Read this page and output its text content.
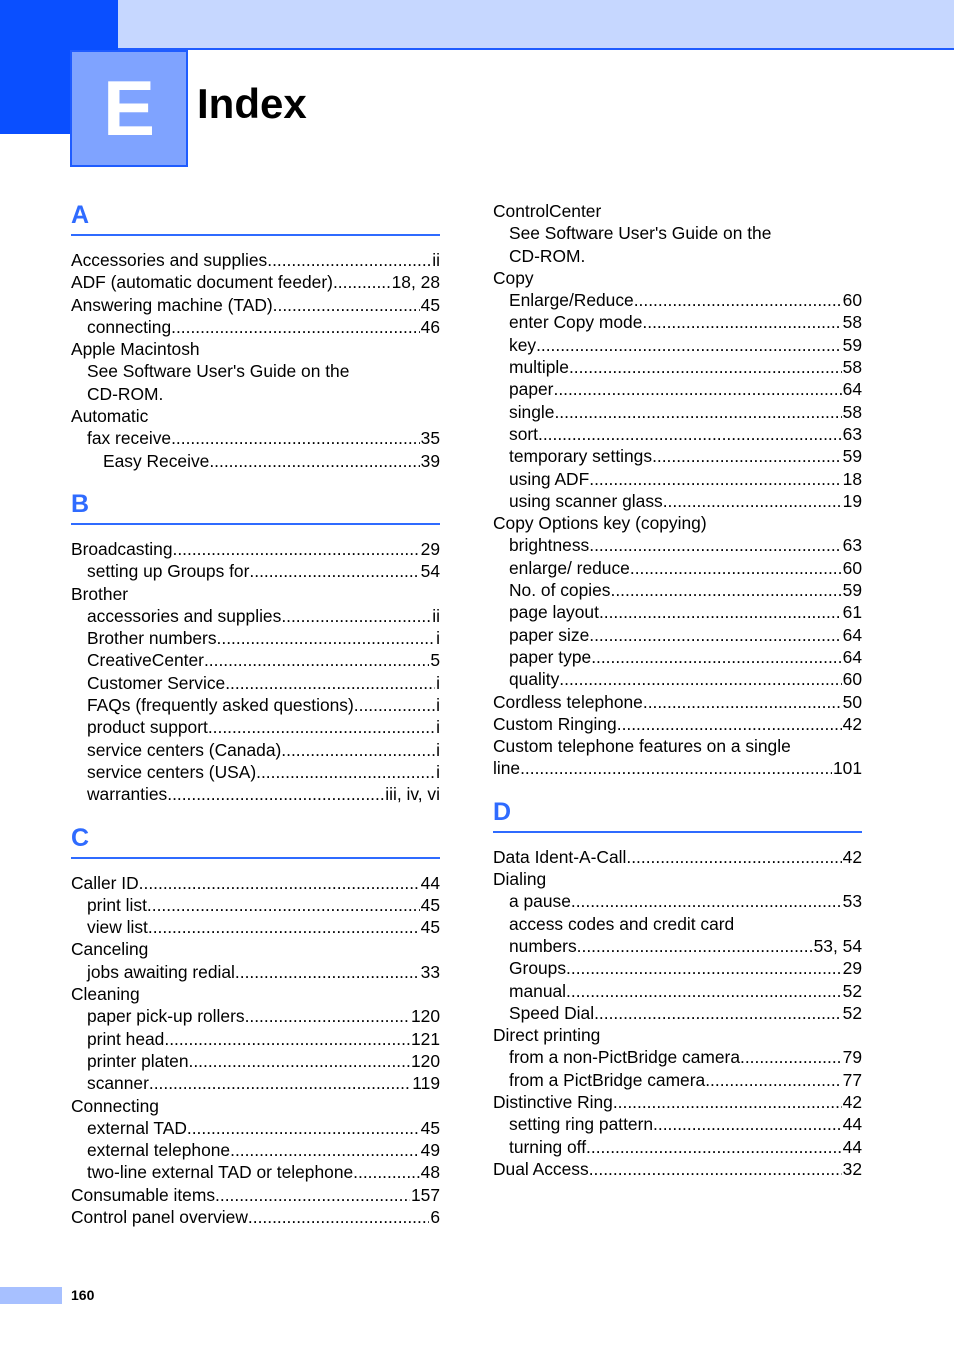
E Index
A
Accessories and supplies .....	ii
ADF (automatic document feeder) .....	18, 28
Answering machine (TAD) .....	45
connecting .....	46
Apple Macintosh
See Software User's Guide on the
CD-ROM.
Automatic
fax receive .....	35
Easy Receive .....	39
B
Broadcasting .....	29
setting up Groups for .....	54
Brother
accessories and supplies .....	ii
Brother numbers .....	i
CreativeCenter .....	5
Customer Service .....	i
FAQs (frequently asked questions) .....	i
product support .....	i
service centers (Canada) .....	i
service centers (USA) .....	i
warranties .....	iii, iv, vi
C
Caller ID .....	44
print list .....	45
view list .....	45
Canceling
jobs awaiting redial .....	33
Cleaning
paper pick-up rollers .....	120
print head .....	121
printer platen .....	120
scanner .....	119
Connecting
external TAD .....	45
external telephone .....	49
two-line external TAD or telephone .....	48
Consumable items .....	157
Control panel overview .....	6
ControlCenter
See Software User's Guide on the
CD-ROM.
Copy
Enlarge/Reduce .....	60
enter Copy mode .....	58
key .....	59
multiple .....	58
paper .....	64
single .....	58
sort .....	63
temporary settings .....	59
using ADF .....	18
using scanner glass .....	19
Copy Options key (copying)
brightness .....	63
enlarge/ reduce .....	60
No. of copies .....	59
page layout .....	61
paper size .....	64
paper type .....	64
quality .....	60
Cordless telephone .....	50
Custom Ringing .....	42
Custom telephone features on a single
line .....	101
D
Data Ident-A-Call .....	42
Dialing
a pause .....	53
access codes and credit card
numbers .....	53, 54
Groups .....	29
manual .....	52
Speed Dial .....	52
Direct printing
from a non-PictBridge camera .....	79
from a PictBridge camera .....	77
Distinctive Ring .....	42
setting ring pattern .....	44
turning off .....	44
Dual Access .....	32
160
